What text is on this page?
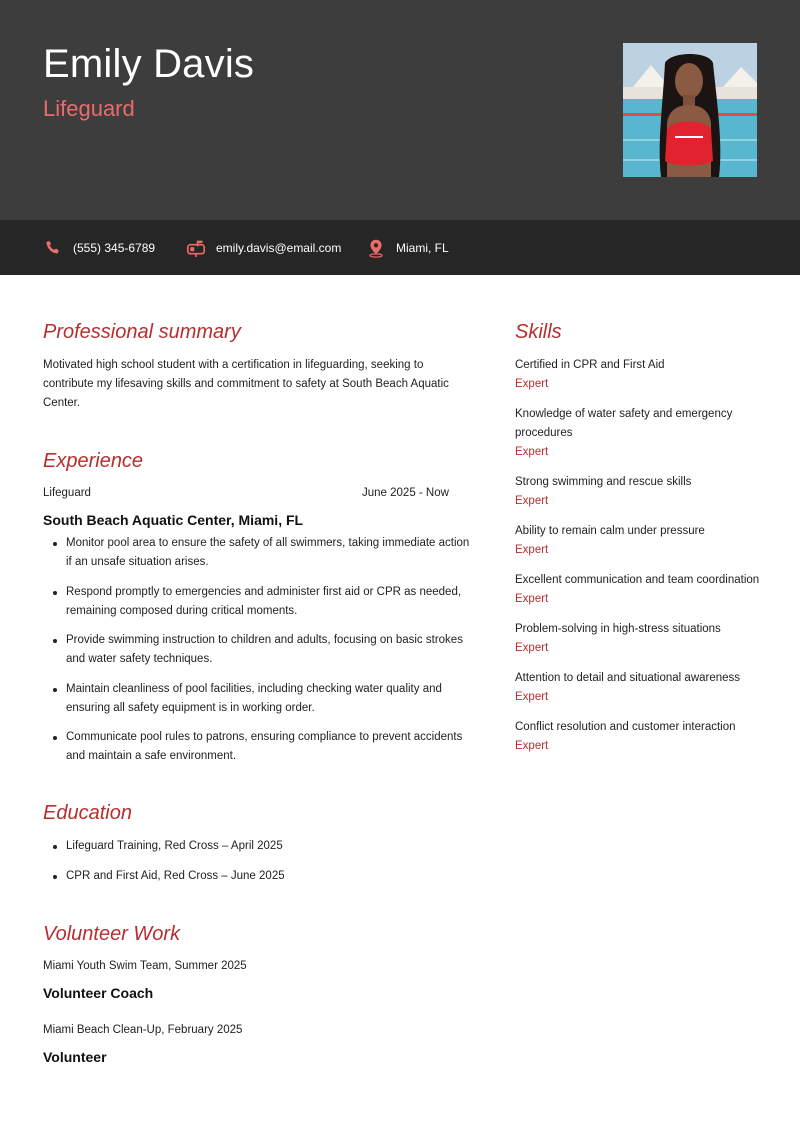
Emily Davis
Lifeguard
(555) 345-6789	emily.davis@email.com	Miami, FL
Professional summary
Motivated high school student with a certification in lifeguarding, seeking to contribute my lifesaving skills and commitment to safety at South Beach Aquatic Center.
Experience
Lifeguard	June 2025 - Now
South Beach Aquatic Center, Miami, FL
Monitor pool area to ensure the safety of all swimmers, taking immediate action if an unsafe situation arises.
Respond promptly to emergencies and administer first aid or CPR as needed, remaining composed during critical moments.
Provide swimming instruction to children and adults, focusing on basic strokes and water safety techniques.
Maintain cleanliness of pool facilities, including checking water quality and ensuring all safety equipment is in working order.
Communicate pool rules to patrons, ensuring compliance to prevent accidents and maintain a safe environment.
Education
Lifeguard Training, Red Cross – April 2025
CPR and First Aid, Red Cross – June 2025
Volunteer Work
Miami Youth Swim Team, Summer 2025
Volunteer Coach
Miami Beach Clean-Up, February 2025
Volunteer
Skills
Certified in CPR and First Aid
Expert
Knowledge of water safety and emergency procedures
Expert
Strong swimming and rescue skills
Expert
Ability to remain calm under pressure
Expert
Excellent communication and team coordination
Expert
Problem-solving in high-stress situations
Expert
Attention to detail and situational awareness
Expert
Conflict resolution and customer interaction
Expert
